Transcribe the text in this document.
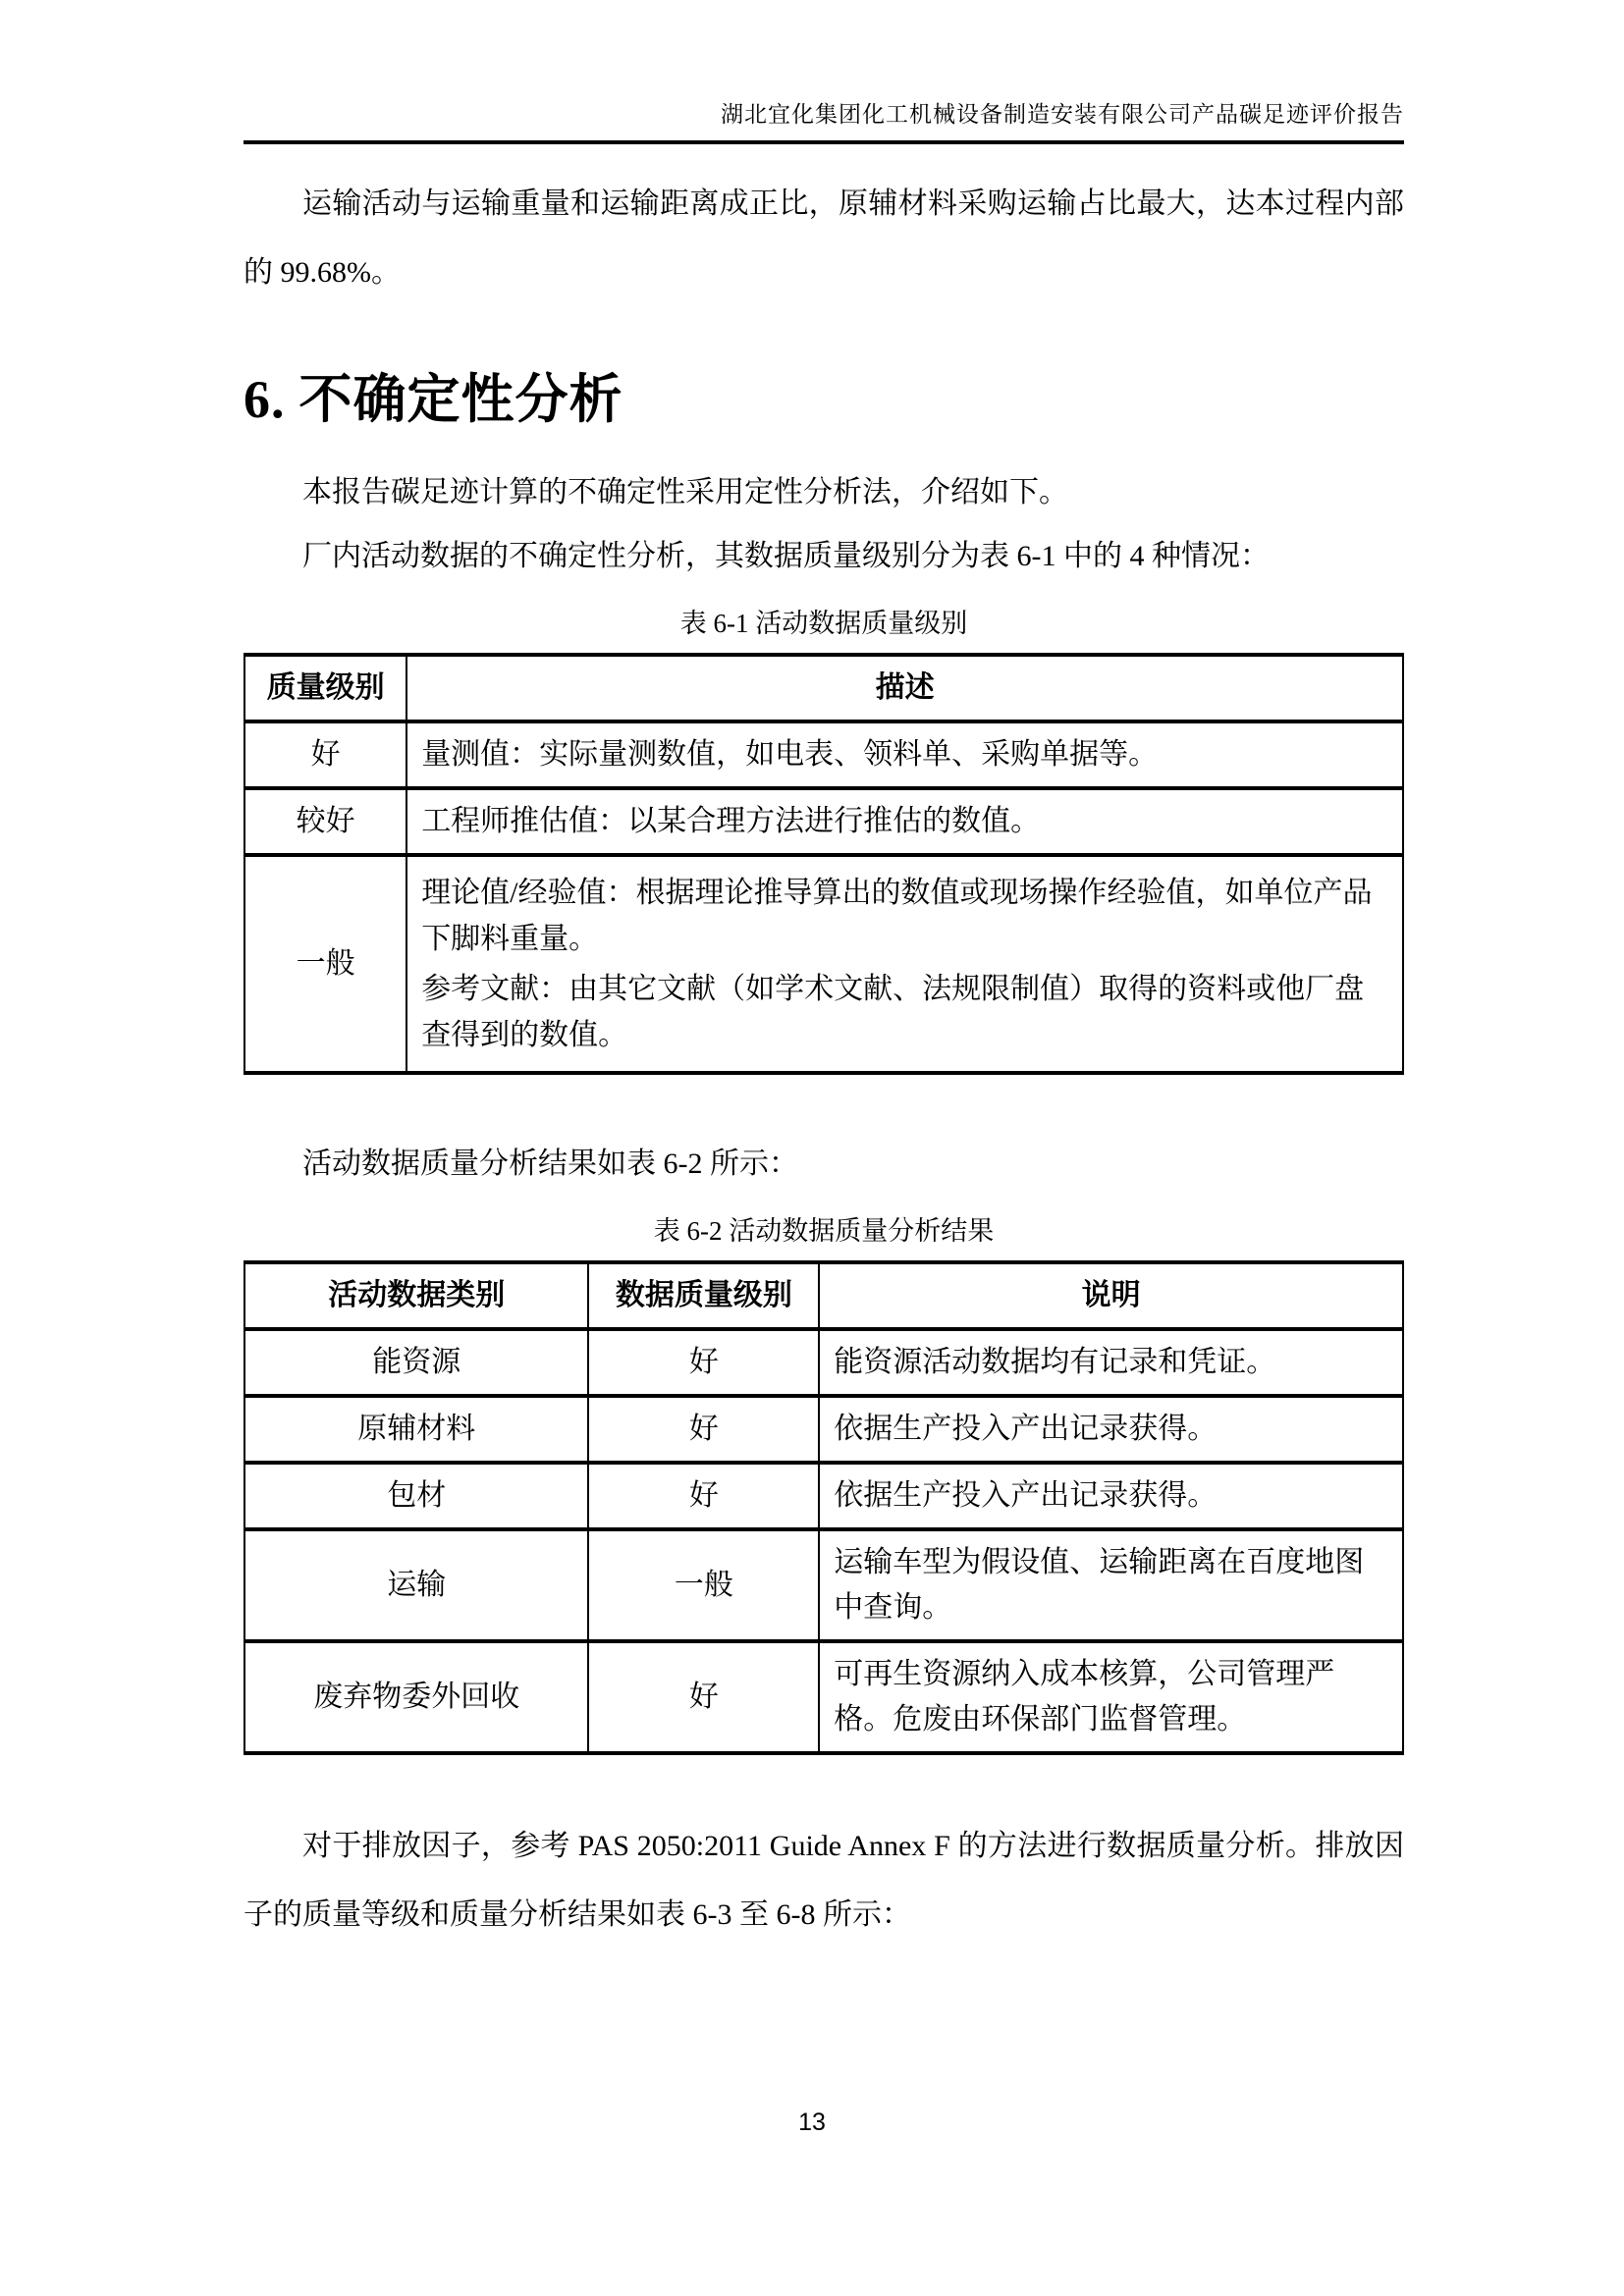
湖北宜化集团化工机械设备制造安装有限公司产品碳足迹评价报告

运输活动与运输重量和运输距离成正比，原辅材料采购运输占比最大，达本过程内部的 99.68%。

6. 不确定性分析

本报告碳足迹计算的不确定性采用定性分析法，介绍如下。

厂内活动数据的不确定性分析，其数据质量级别分为表 6-1 中的 4 种情况：

表 6-1 活动数据质量级别
质量级别	描述
好	量测值：实际量测数值，如电表、领料单、采购单据等。
较好	工程师推估值：以某合理方法进行推估的数值。
一般	理论值/经验值：根据理论推导算出的数值或现场操作经验值，如单位产品下脚料重量。
参考文献：由其它文献（如学术文献、法规限制值）取得的资料或他厂盘查得到的数值。

活动数据质量分析结果如表 6-2 所示：

表 6-2 活动数据质量分析结果
活动数据类别	数据质量级别	说明
能资源	好	能资源活动数据均有记录和凭证。
原辅材料	好	依据生产投入产出记录获得。
包材	好	依据生产投入产出记录获得。
运输	一般	运输车型为假设值、运输距离在百度地图中查询。
废弃物委外回收	好	可再生资源纳入成本核算，公司管理严格。危废由环保部门监督管理。

对于排放因子，参考 PAS 2050:2011 Guide Annex F 的方法进行数据质量分析。排放因子的质量等级和质量分析结果如表 6-3 至 6-8 所示：

13
